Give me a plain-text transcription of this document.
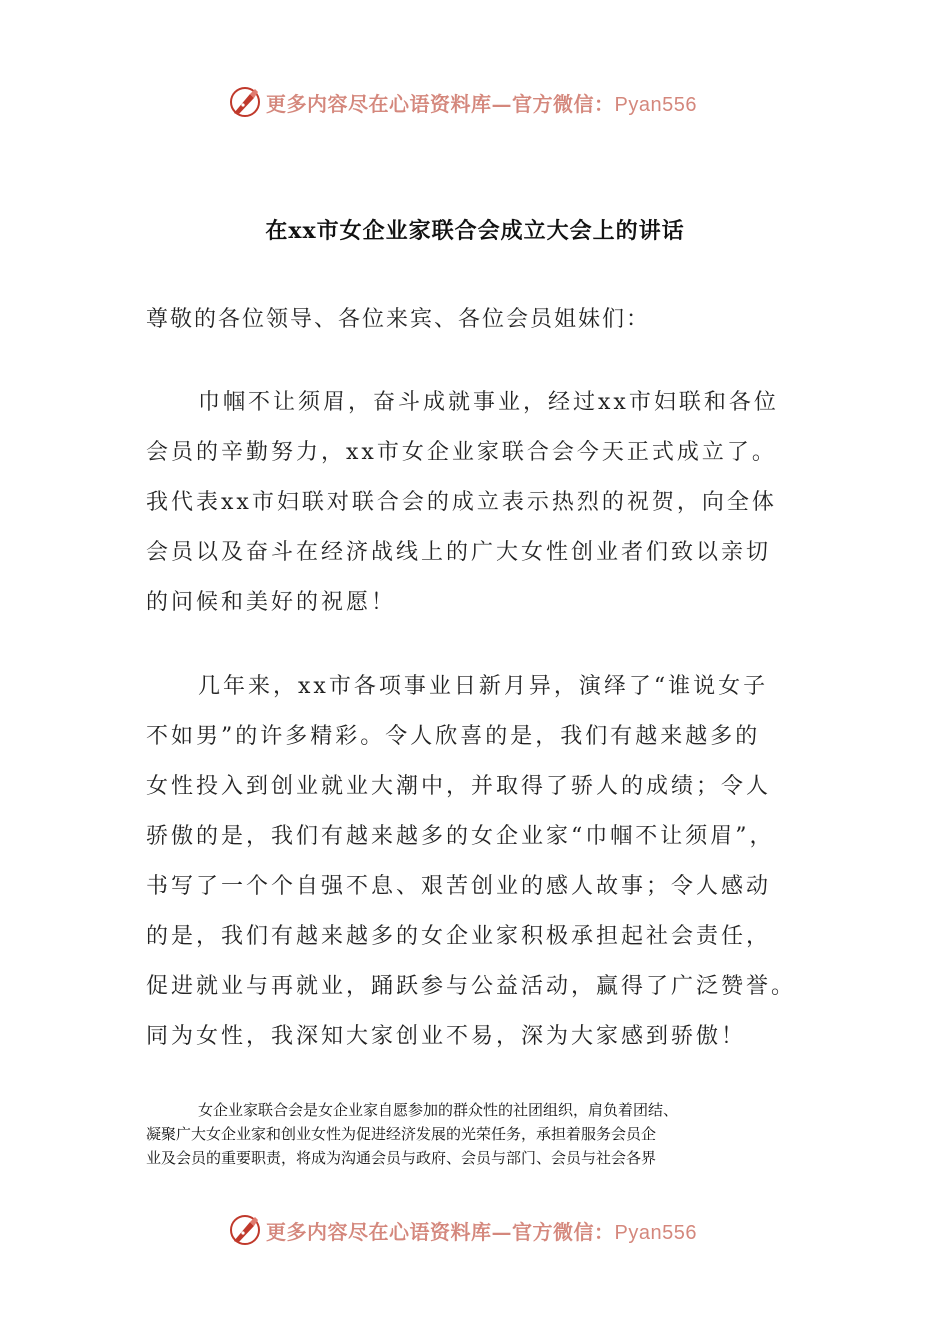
更多内容尽在心语资料库—官方微信：Pyan556
在xx市女企业家联合会成立大会上的讲话
尊敬的各位领导、各位来宾、各位会员姐妹们：
巾帼不让须眉，奋斗成就事业，经过xx市妇联和各位
会员的辛勤努力，xx市女企业家联合会今天正式成立了。
我代表xx市妇联对联合会的成立表示热烈的祝贺，向全体
会员以及奋斗在经济战线上的广大女性创业者们致以亲切
的问候和美好的祝愿！
几年来，xx市各项事业日新月异，演绎了“谁说女子
不如男”的许多精彩。令人欣喜的是，我们有越来越多的
女性投入到创业就业大潮中，并取得了骄人的成绩；令人
骄傲的是，我们有越来越多的女企业家“巾帼不让须眉”，
书写了一个个自强不息、艰苦创业的感人故事；令人感动
的是，我们有越来越多的女企业家积极承担起社会责任，
促进就业与再就业，踊跃参与公益活动，赢得了广泛赞誉。
同为女性，我深知大家创业不易，深为大家感到骄傲！
女企业家联合会是女企业家自愿参加的群众性的社团组织，肩负着团结、
凝聚广大女企业家和创业女性为促进经济发展的光荣任务，承担着服务会员企
业及会员的重要职责，将成为沟通会员与政府、会员与部门、会员与社会各界
更多内容尽在心语资料库—官方微信：Pyan556
